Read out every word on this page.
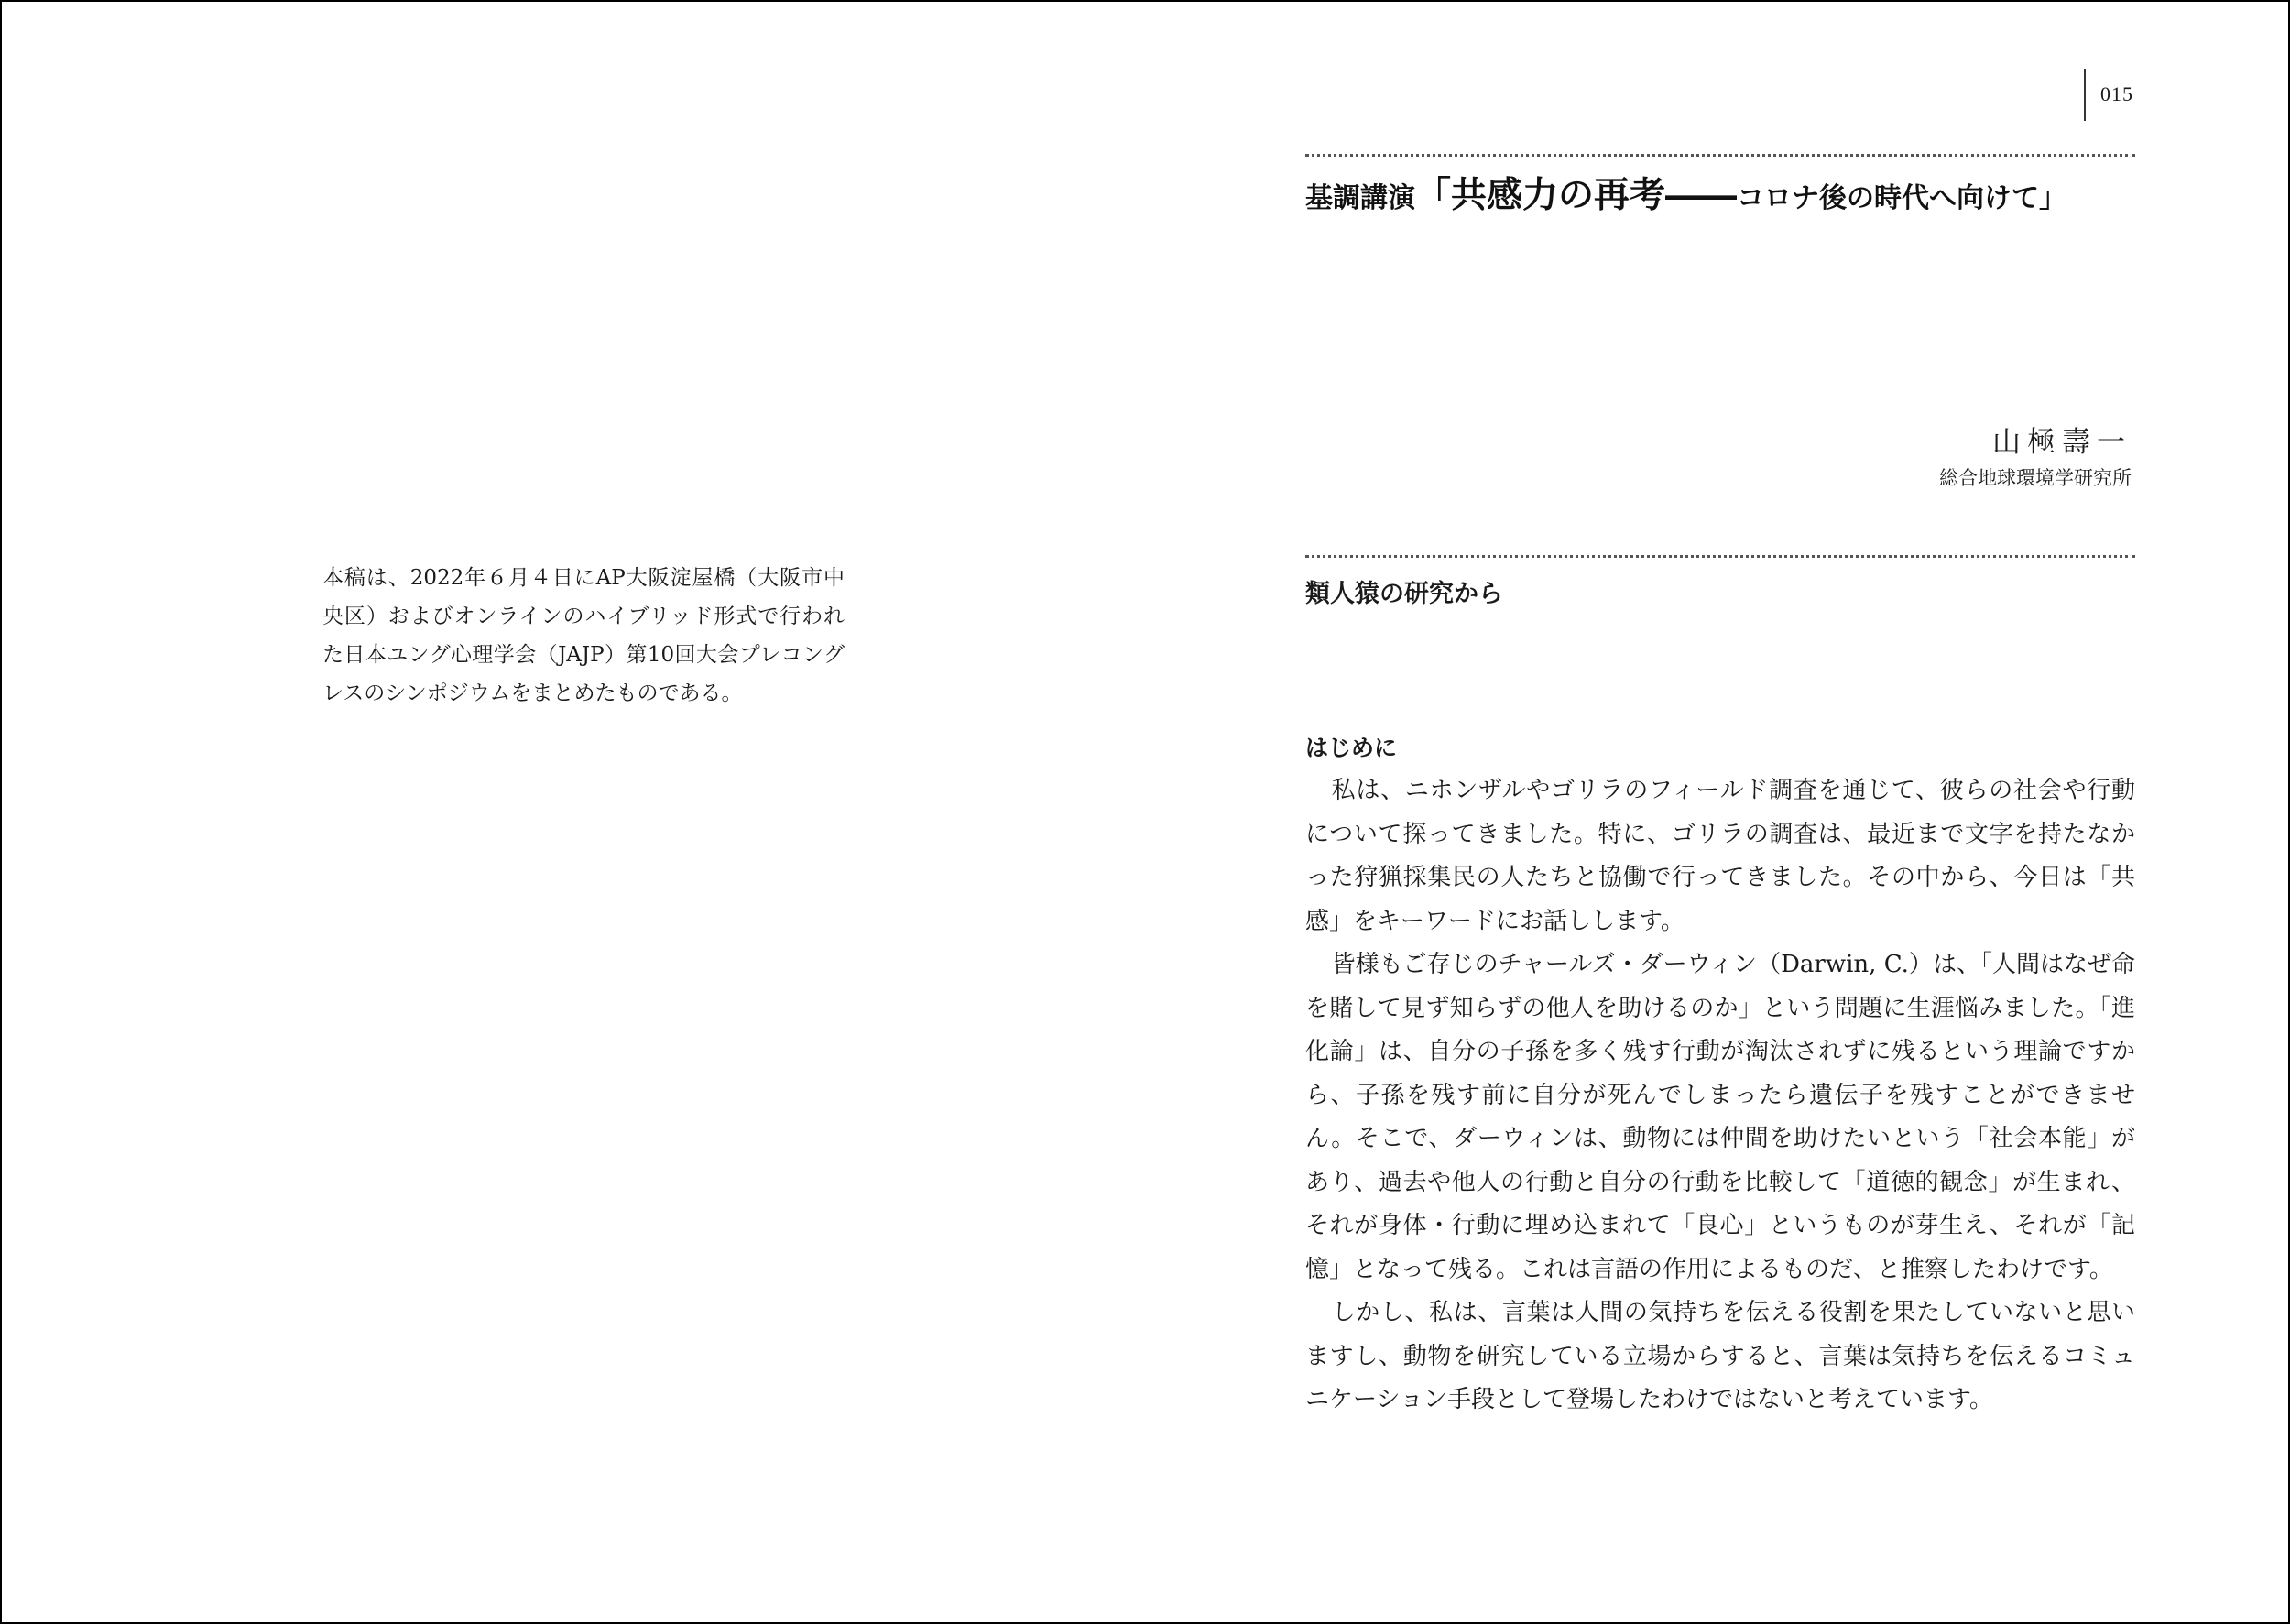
本稿は、2022年６月４日にAP大阪淀屋橋（大阪市中央区）およびオンラインのハイブリッド形式で行われた日本ユング心理学会（JAJP）第10回大会プレコングレスのシンポジウムをまとめたものである。
015
基調講演「共感力の再考――コロナ後の時代へ向けて」
山極壽一
総合地球環境学研究所
類人猿の研究から
はじめに

私は、ニホンザルやゴリラのフィールド調査を通じて、彼らの社会や行動について探ってきました。特に、ゴリラの調査は、最近まで文字を持たなかった狩猟採集民の人たちと協働で行ってきました。その中から、今日は「共感」をキーワードにお話しします。

皆様もご存じのチャールズ・ダーウィン（Darwin, C.）は、「人間はなぜ命を賭して見ず知らずの他人を助けるのか」という問題に生涯悩みました。「進化論」は、自分の子孫を多く残す行動が淘汰されずに残るという理論ですから、子孫を残す前に自分が死んでしまったら遺伝子を残すことができません。そこで、ダーウィンは、動物には仲間を助けたいという「社会本能」があり、過去や他人の行動と自分の行動を比較して「道徳的観念」が生まれ、それが身体・行動に埋め込まれて「良心」というものが芽生え、それが「記憶」となって残る。これは言語の作用によるものだ、と推察したわけです。

しかし、私は、言葉は人間の気持ちを伝える役割を果たしていないと思いますし、動物を研究している立場からすると、言葉は気持ちを伝えるコミュニケーション手段として登場したわけではないと考えています。
